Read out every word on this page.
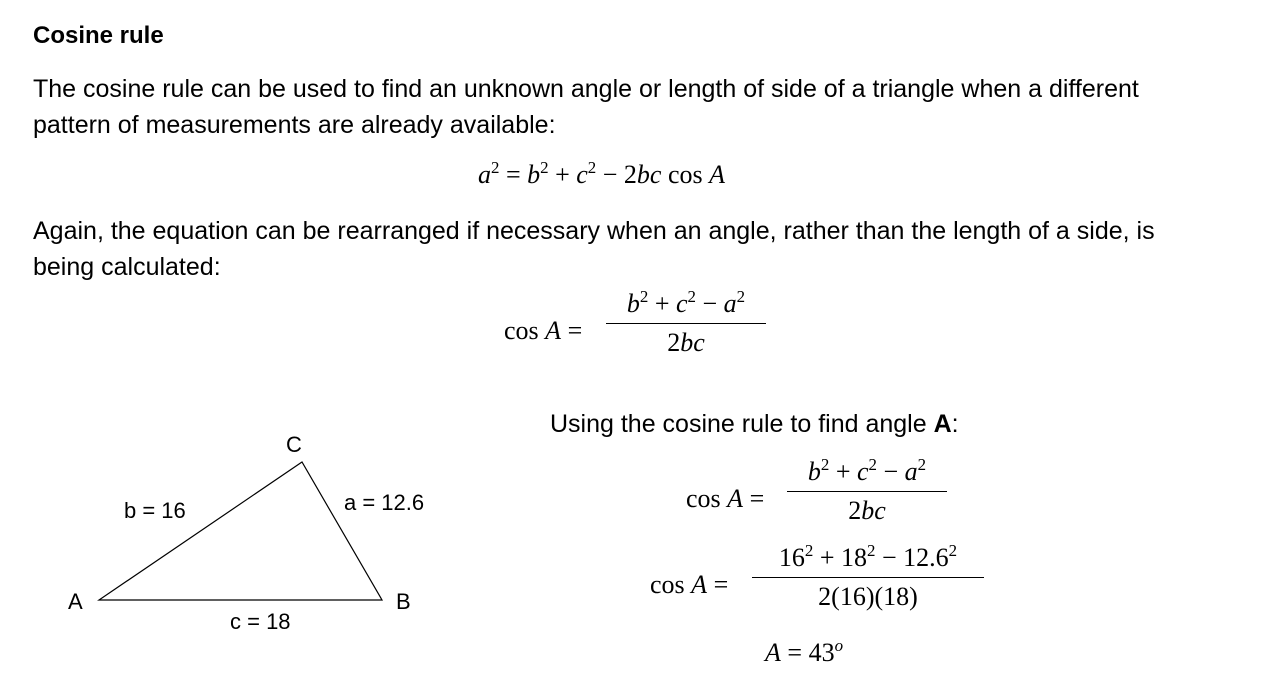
Cosine rule
The cosine rule can be used to find an unknown angle or length of side of a triangle when a different
pattern of measurements are already available:
$a^2 = b^2 + c^2 - 2bc$ cos A
Again, the equation can be rearranged if necessary when an angle, rather than the length of a side, is
being calculated:
cos A =
$b^2 + c^2 - a^2$
2bc
Using the cosine rule to find angle A:
cos A =
$b^2 + c^2 - a^2$
2bc
cos A =
$16^2 + 18^2 - 12.6^2$
2(16)(18)
$A = 43^o$
A	B
C
a = 12.6
b = 16
c = 18
